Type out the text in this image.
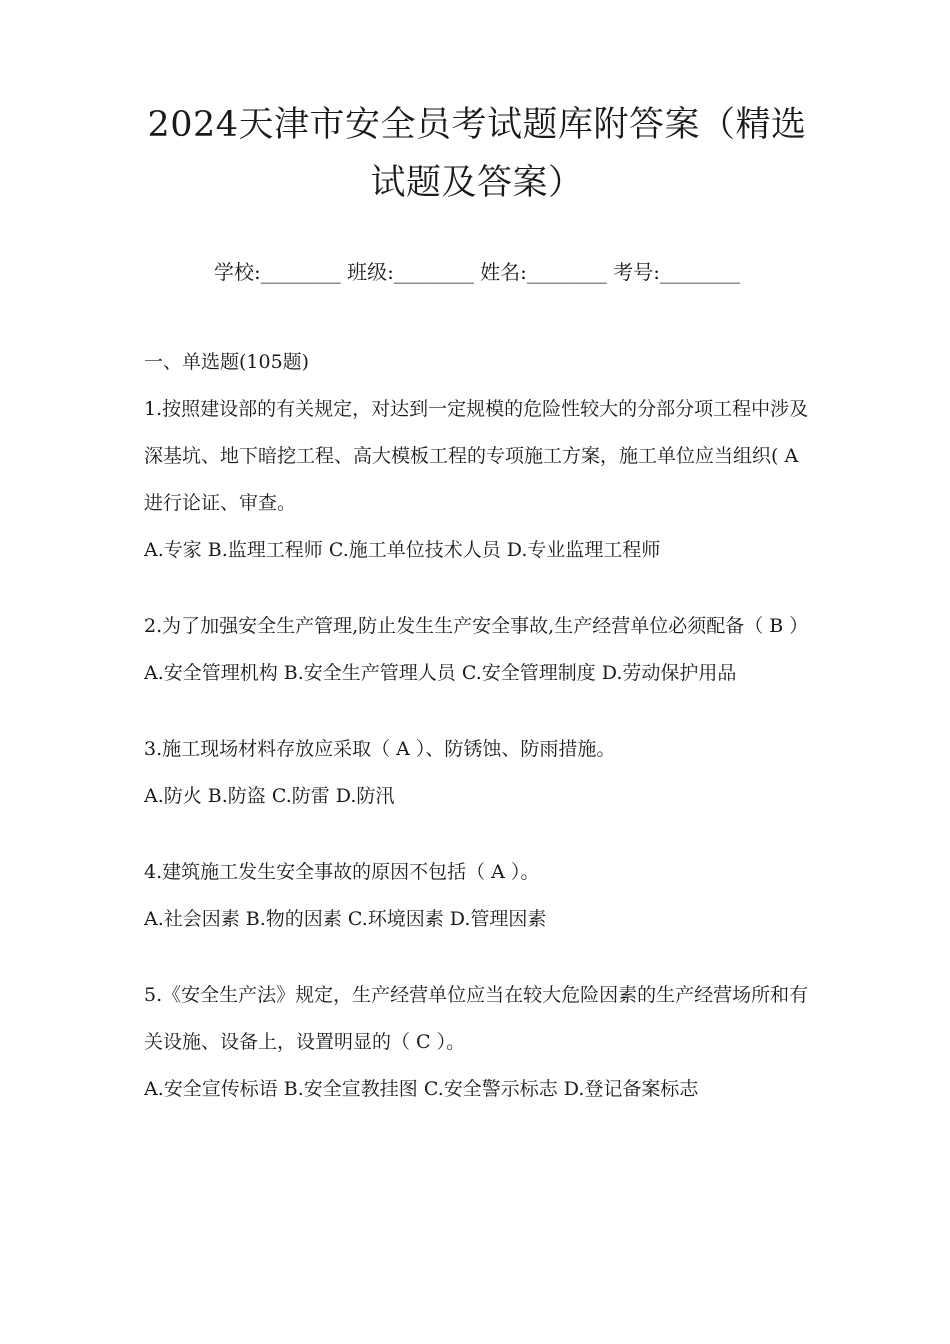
2024天津市安全员考试题库附答案（精选试题及答案）
学校:________ 班级:________ 姓名:________ 考号:________
一、单选题(105题)

1.按照建设部的有关规定，对达到一定规模的危险性较大的分部分项工程中涉及深基坑、地下暗挖工程、高大模板工程的专项施工方案，施工单位应当组织( A 进行论证、审查。

A.专家 B.监理工程师 C.施工单位技术人员 D.专业监理工程师

2.为了加强安全生产管理,防止发生生产安全事故,生产经营单位必须配备（ B ）

A.安全管理机构 B.安全生产管理人员 C.安全管理制度 D.劳动保护用品

3.施工现场材料存放应采取（ A ）、防锈蚀、防雨措施。

A.防火 B.防盗 C.防雷 D.防汛

4.建筑施工发生安全事故的原因不包括（ A ）。

A.社会因素 B.物的因素 C.环境因素 D.管理因素

5.《安全生产法》规定，生产经营单位应当在较大危险因素的生产经营场所和有关设施、设备上，设置明显的（ C ）。

A.安全宣传标语 B.安全宣教挂图 C.安全警示标志 D.登记备案标志
